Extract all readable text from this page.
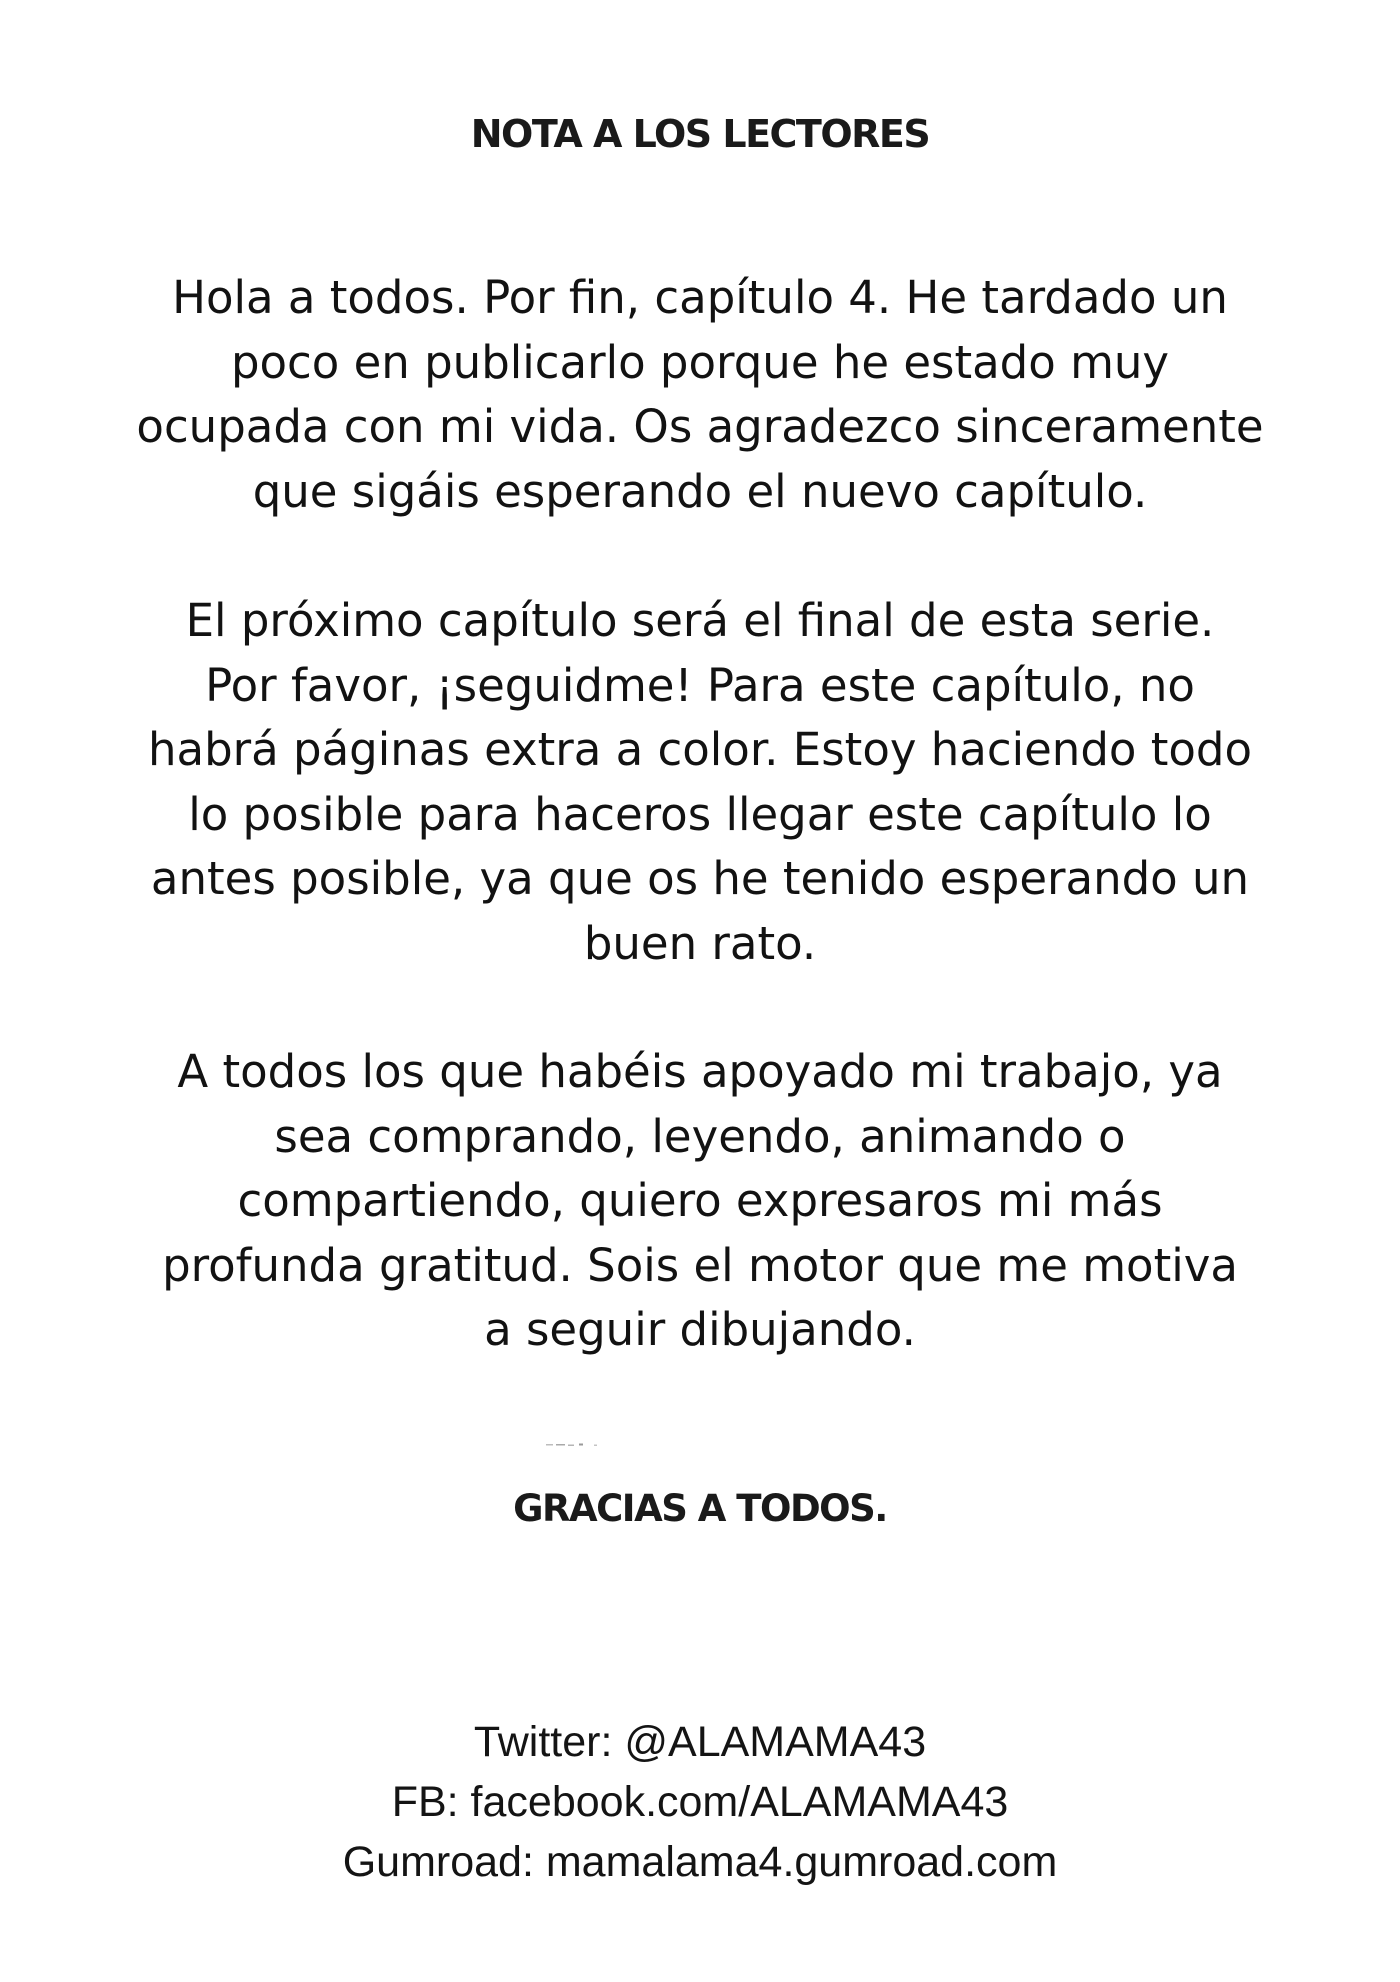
NOTA A LOS LECTORES

Hola a todos. Por fin, capítulo 4. He tardado un
poco en publicarlo porque he estado muy
ocupada con mi vida. Os agradezco sinceramente
que sigáis esperando el nuevo capítulo.

El próximo capítulo será el final de esta serie.
Por favor, ¡seguidme! Para este capítulo, no
habrá páginas extra a color. Estoy haciendo todo
lo posible para haceros llegar este capítulo lo
antes posible, ya que os he tenido esperando un
buen rato.

A todos los que habéis apoyado mi trabajo, ya
sea comprando, leyendo, animando o
compartiendo, quiero expresaros mi más
profunda gratitud. Sois el motor que me motiva
a seguir dibujando.

GRACIAS A TODOS.
Twitter: @ALAMAMA43
FB: facebook.com/ALAMAMA43
Gumroad: mamalama4.gumroad.com
